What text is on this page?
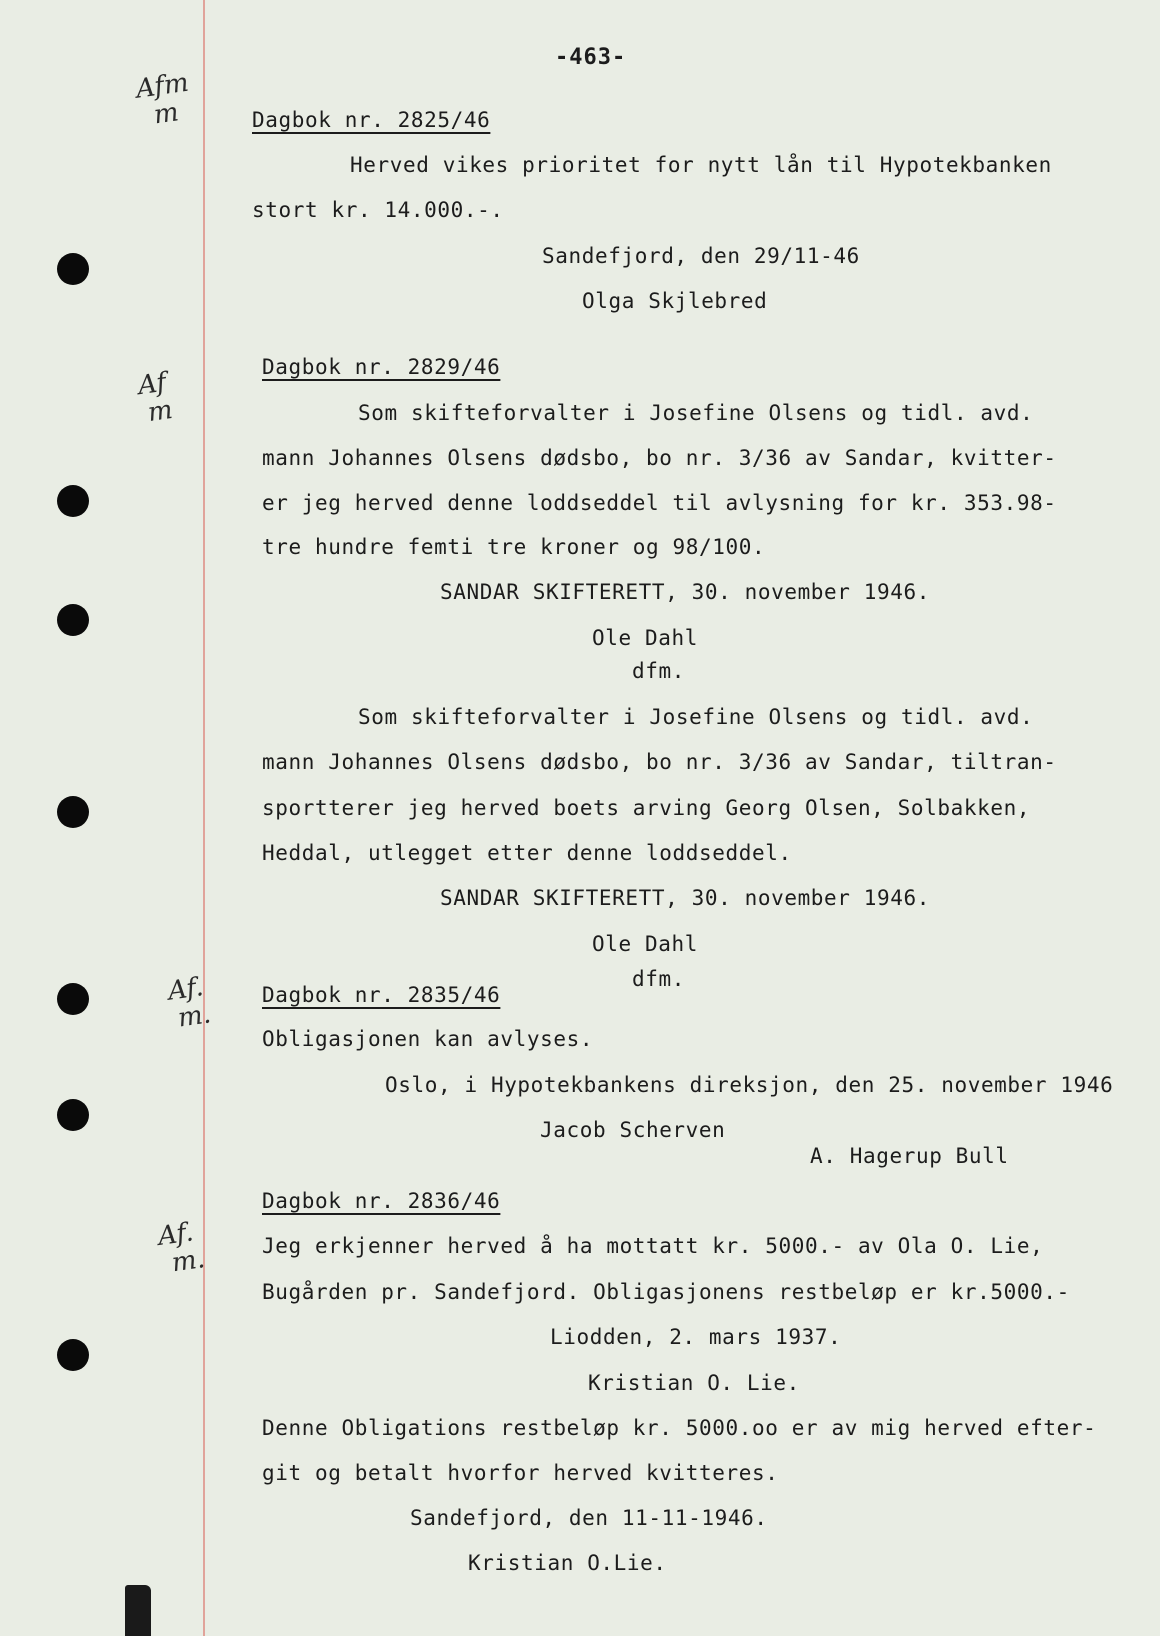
-463-
Afm
m
Af
m
Af.
m.
Af.
m.
Dagbok nr. 2825/46
Herved vikes prioritet for nytt lån til Hypotekbanken
stort kr. 14.000.-.
Sandefjord, den 29/11-46
Olga Skjlebred
Dagbok nr. 2829/46
Som skifteforvalter i Josefine Olsens og tidl. avd.
mann Johannes Olsens dødsbo, bo nr. 3/36 av Sandar, kvitter-
er jeg herved denne loddseddel til avlysning for kr. 353.98-
tre hundre femti tre kroner og 98/100.
SANDAR SKIFTERETT, 30. november 1946.
Ole Dahl
dfm.
Som skifteforvalter i Josefine Olsens og tidl. avd.
mann Johannes Olsens dødsbo, bo nr. 3/36 av Sandar, tiltran-
sportterer jeg herved boets arving Georg Olsen, Solbakken,
Heddal, utlegget etter denne loddseddel.
SANDAR SKIFTERETT, 30. november 1946.
Ole Dahl
dfm.
Dagbok nr. 2835/46
Obligasjonen kan avlyses.
Oslo, i Hypotekbankens direksjon, den 25. november 1946
Jacob Scherven
A. Hagerup Bull
Dagbok nr. 2836/46
Jeg erkjenner herved å ha mottatt kr. 5000.- av Ola O. Lie,
Bugården pr. Sandefjord. Obligasjonens restbeløp er kr.5000.-
Liodden, 2. mars 1937.
Kristian O. Lie.
Denne Obligations restbeløp kr. 5000.oo er av mig herved efter-
git og betalt hvorfor herved kvitteres.
Sandefjord, den 11-11-1946.
Kristian O.Lie.
